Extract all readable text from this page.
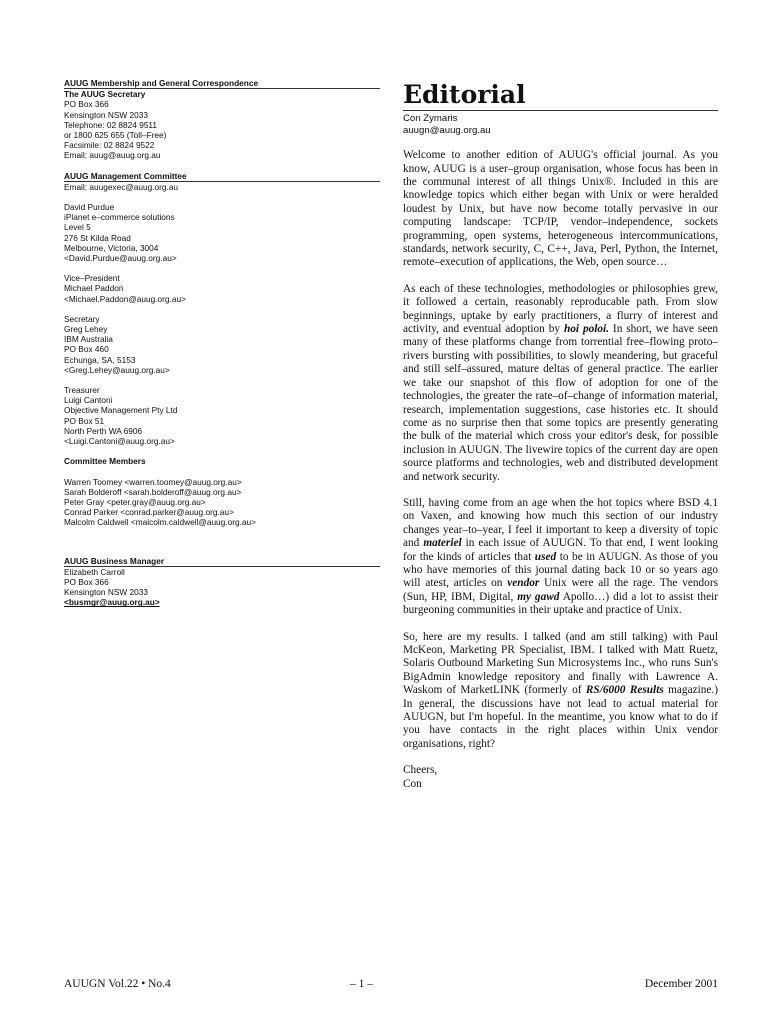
AUUG Membership and General Correspondence
The AUUG Secretary
PO Box 366
Kensington NSW 2033
Telephone: 02 8824 9511
or 1800 625 655 (Toll–Free)
Facsimile: 02 8824 9522
Email: auug@auug.org.au
AUUG Management Committee
Email: auugexec@auug.org.au
David Purdue
iPlanet e–commerce solutions
Level 5
276 St Kilda Road
Melbourne, Victoria, 3004
<David.Purdue@auug.org.au>
Vice–President
Michael Paddon
<Michael.Paddon@auug.org.au>
Secretary
Greg Lehey
IBM Australia
PO Box 460
Echunga, SA, 5153
<Greg.Lehey@auug.org.au>
Treasurer
Luigi Cantoni
Objective Management Pty Ltd
PO Box 51
North Perth WA 6906
<Luigi.Cantoni@auug.org.au>
Committee Members
Warren Toomey <warren.toomey@auug.org.au>
Sarah Bolderoff <sarah.bolderoff@auug.org.au>
Peter Gray <peter.gray@auug.org.au>
Conrad Parker <conrad.parker@auug.org.au>
Malcolm Caldwell <malcolm.caldwell@auug.org.au>
AUUG Business Manager
Elizabeth Carroll
PO Box 366
Kensington NSW 2033
<busmgr@auug.org.au>
Editorial
Con Zymaris
auugn@auug.org.au

Welcome to another edition of AUUG's official journal. As you know, AUUG is a user–group organisation, whose focus has been in the communal interest of all things Unix®. Included in this are knowledge topics which either began with Unix or were heralded loudest by Unix, but have now become totally pervasive in our computing landscape: TCP/IP, vendor–independence, sockets programming, open systems, heterogeneous intercommunications, standards, network security, C, C++, Java, Perl, Python, the Internet, remote–execution of applications, the Web, open source…

As each of these technologies, methodologies or philosophies grew, it followed a certain, reasonably reproducable path. From slow beginnings, uptake by early practitioners, a flurry of interest and activity, and eventual adoption by hoi poloi. In short, we have seen many of these platforms change from torrential free–flowing proto–rivers bursting with possibilities, to slowly meandering, but graceful and still self–assured, mature deltas of general practice. The earlier we take our snapshot of this flow of adoption for one of the technologies, the greater the rate–of–change of information material, research, implementation suggestions, case histories etc. It should come as no surprise then that some topics are presently generating the bulk of the material which cross your editor's desk, for possible inclusion in AUUGN. The livewire topics of the current day are open source platforms and technologies, web and distributed development and network security.

Still, having come from an age when the hot topics where BSD 4.1 on Vaxen, and knowing how much this section of our industry changes year–to–year, I feel it important to keep a diversity of topic and materiel in each issue of AUUGN. To that end, I went looking for the kinds of articles that used to be in AUUGN. As those of you who have memories of this journal dating back 10 or so years ago will atest, articles on vendor Unix were all the rage. The vendors (Sun, HP, IBM, Digital, my gawd Apollo…) did a lot to assist their burgeoning communities in their uptake and practice of Unix.

So, here are my results. I talked (and am still talking) with Paul McKeon, Marketing PR Specialist, IBM. I talked with Matt Ruetz, Solaris Outbound Marketing Sun Microsystems Inc., who runs Sun's BigAdmin knowledge repository and finally with Lawrence A. Waskom of MarketLINK (formerly of RS/6000 Results magazine.) In general, the discussions have not lead to actual material for AUUGN, but I'm hopeful. In the meantime, you know what to do if you have contacts in the right places within Unix vendor organisations, right?

Cheers,
Con
AUUGN Vol.22 • No.4	– 1 –	December 2001
